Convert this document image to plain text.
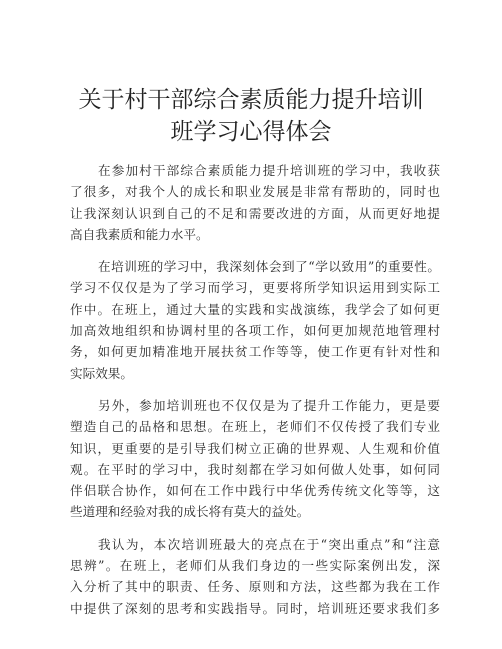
关于村干部综合素质能力提升培训
班学习心得体会

在参加村干部综合素质能力提升培训班的学习中，我收获
了很多，对我个人的成长和职业发展是非常有帮助的，同时也
让我深刻认识到自己的不足和需要改进的方面，从而更好地提
高自我素质和能力水平。

在培训班的学习中，我深刻体会到了“学以致用”的重要性。
学习不仅仅是为了学习而学习，更要将所学知识运用到实际工
作中。在班上，通过大量的实践和实战演练，我学会了如何更
加高效地组织和协调村里的各项工作，如何更加规范地管理村
务，如何更加精准地开展扶贫工作等等，使工作更有针对性和
实际效果。

另外，参加培训班也不仅仅是为了提升工作能力，更是要
塑造自己的品格和思想。在班上，老师们不仅传授了我们专业
知识，更重要的是引导我们树立正确的世界观、人生观和价值
观。在平时的学习中，我时刻都在学习如何做人处事，如何同
伴侣联合协作，如何在工作中践行中华优秀传统文化等等，这
些道理和经验对我的成长将有莫大的益处。

我认为，本次培训班最大的亮点在于“突出重点”和“注意
思辨”。在班上，老师们从我们身边的一些实际案例出发，深
入分析了其中的职责、任务、原则和方法，这些都为我在工作
中提供了深刻的思考和实践指导。同时，培训班还要求我们多
